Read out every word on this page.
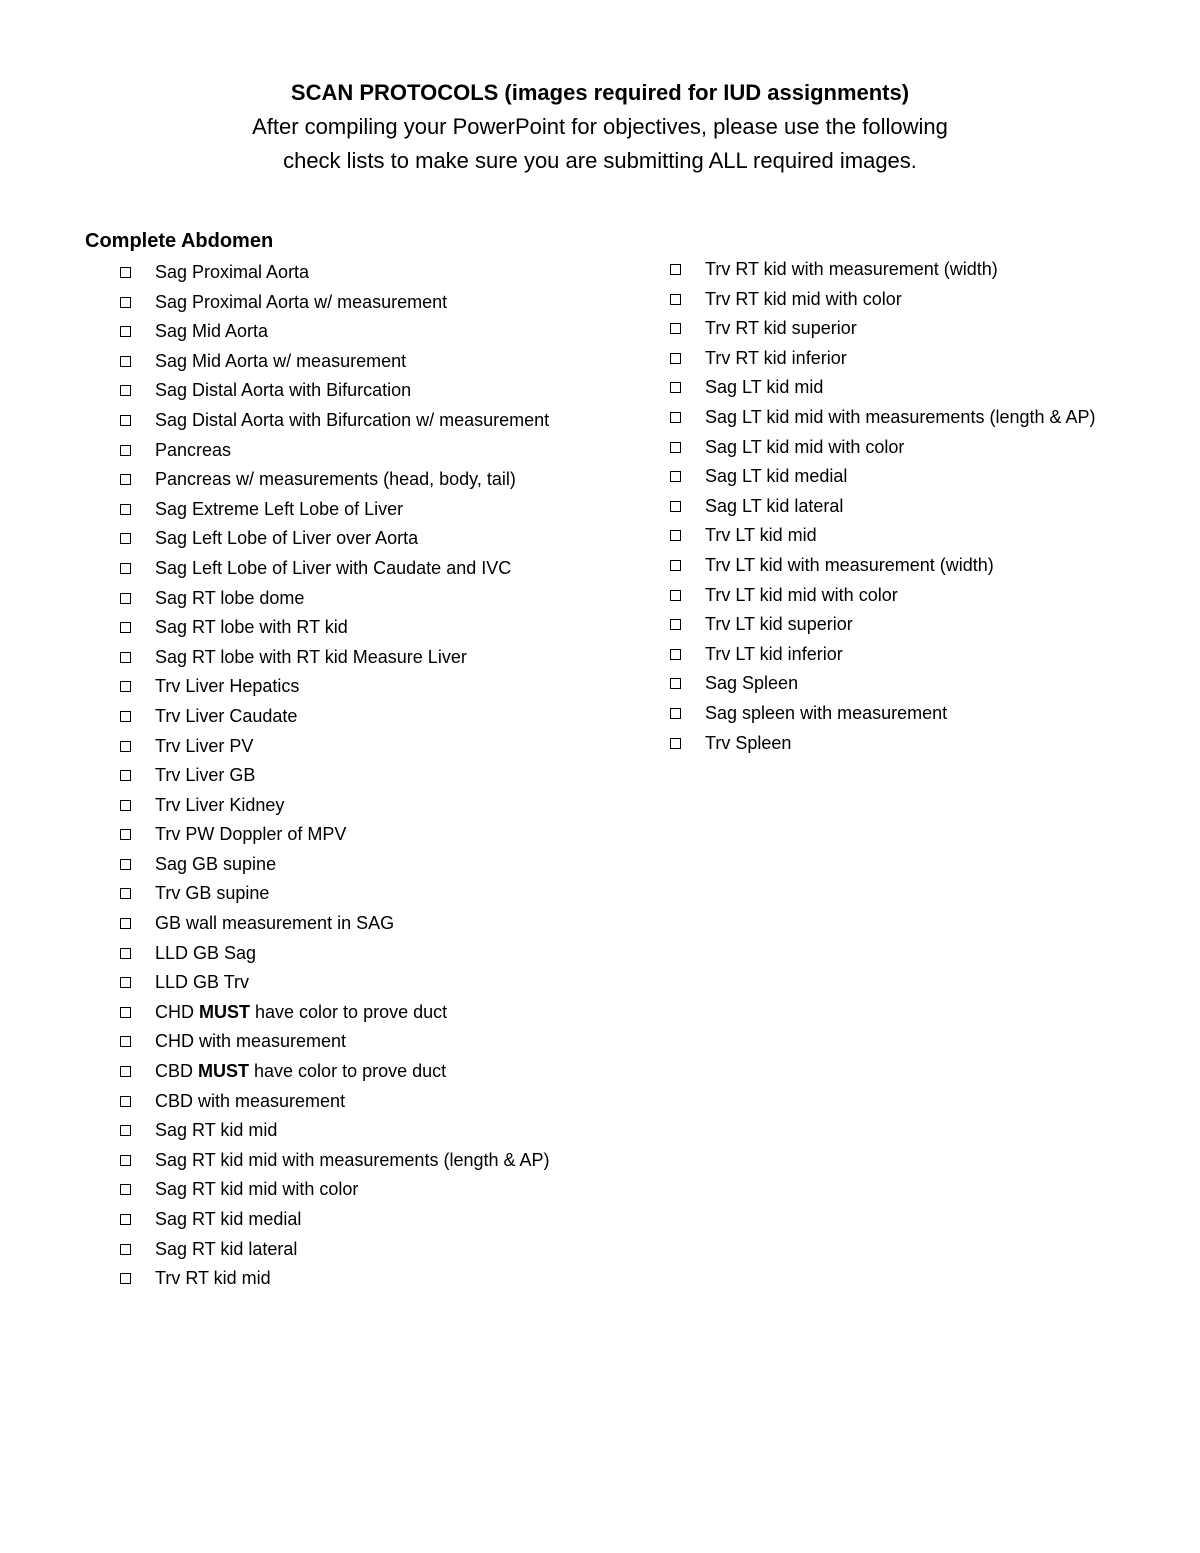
SCAN PROTOCOLS (images required for IUD assignments)
After compiling your PowerPoint for objectives, please use the following
check lists to make sure you are submitting ALL required images.
Complete Abdomen
Sag Proximal Aorta
Sag Proximal Aorta w/ measurement
Sag Mid Aorta
Sag Mid Aorta w/ measurement
Sag Distal Aorta with Bifurcation
Sag Distal Aorta with Bifurcation w/ measurement
Pancreas
Pancreas w/ measurements (head, body, tail)
Sag Extreme Left Lobe of Liver
Sag Left Lobe of Liver over Aorta
Sag Left Lobe of Liver with Caudate and IVC
Sag RT lobe dome
Sag RT lobe with RT kid
Sag RT lobe with RT kid Measure Liver
Trv Liver Hepatics
Trv Liver Caudate
Trv Liver PV
Trv Liver GB
Trv Liver Kidney
Trv PW Doppler of MPV
Sag GB supine
Trv GB supine
GB wall measurement in SAG
LLD GB Sag
LLD GB Trv
CHD MUST have color to prove duct
CHD with measurement
CBD MUST have color to prove duct
CBD with measurement
Sag RT kid mid
Sag RT kid mid with measurements (length & AP)
Sag RT kid mid with color
Sag RT kid medial
Sag RT kid lateral
Trv RT kid mid
Trv RT kid with measurement (width)
Trv RT kid mid with color
Trv RT kid superior
Trv RT kid inferior
Sag LT kid mid
Sag LT kid mid with measurements (length & AP)
Sag LT kid mid with color
Sag LT kid medial
Sag LT kid lateral
Trv LT kid mid
Trv LT kid with measurement (width)
Trv LT kid mid with color
Trv LT kid superior
Trv LT kid inferior
Sag Spleen
Sag spleen with measurement
Trv Spleen
